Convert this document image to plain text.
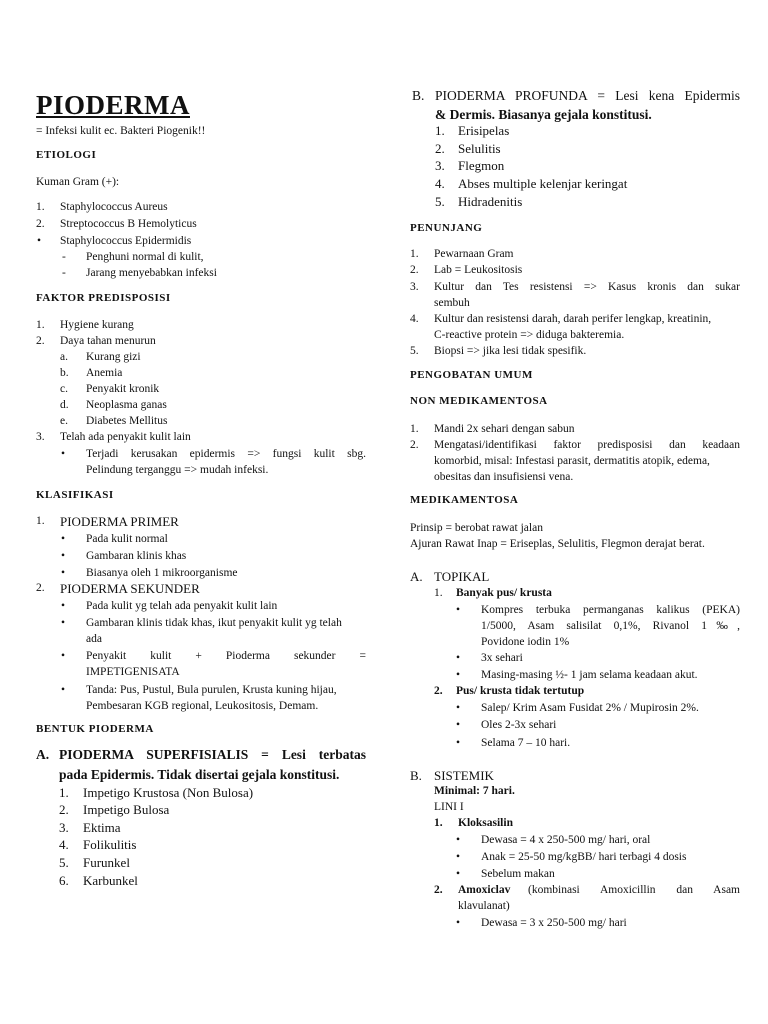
PIODERMA
= Infeksi kulit ec. Bakteri Piogenik!!
ETIOLOGI
Kuman Gram (+):
1. Staphylococcus Aureus
2. Streptococcus B Hemolyticus
• Staphylococcus Epidermidis
- Penghuni normal di kulit,
- Jarang menyebabkan infeksi
FAKTOR PREDISPOSISI
1. Hygiene kurang
2. Daya tahan menurun
a. Kurang gizi
b. Anemia
c. Penyakit kronik
d. Neoplasma ganas
e. Diabetes Mellitus
3. Telah ada penyakit kulit lain
• Terjadi kerusakan epidermis => fungsi kulit sbg.
Pelindung terganggu => mudah infeksi.
KLASIFIKASI
1. PIODERMA PRIMER
• Pada kulit normal
• Gambaran klinis khas
• Biasanya oleh 1 mikroorganisme
2. PIODERMA SEKUNDER
• Pada kulit yg telah ada penyakit kulit lain
• Gambaran klinis tidak khas, ikut penyakit kulit yg telah
ada
• Penyakit kulit + Pioderma sekunder =
IMPETIGENISATA
• Tanda: Pus, Pustul, Bula purulen, Krusta kuning hijau,
Pembesaran KGB regional, Leukositosis, Demam.
BENTUK PIODERMA
A. PIODERMA SUPERFISIALIS = Lesi terbatas
pada Epidermis. Tidak disertai gejala konstitusi.
1. Impetigo Krustosa (Non Bulosa)
2. Impetigo Bulosa
3. Ektima
4. Folikulitis
5. Furunkel
6. Karbunkel
B. PIODERMA PROFUNDA = Lesi kena Epidermis
& Dermis. Biasanya gejala konstitusi.
1. Erisipelas
2. Selulitis
3. Flegmon
4. Abses multiple kelenjar keringat
5. Hidradenitis
PENUNJANG
1. Pewarnaan Gram
2. Lab = Leukositosis
3. Kultur dan Tes resistensi => Kasus kronis dan sukar
sembuh
4. Kultur dan resistensi darah, darah perifer lengkap, kreatinin,
C-reactive protein => diduga bakteremia.
5. Biopsi => jika lesi tidak spesifik.
PENGOBATAN UMUM
NON MEDIKAMENTOSA
1. Mandi 2x sehari dengan sabun
2. Mengatasi/identifikasi faktor predisposisi dan keadaan
komorbid, misal: Infestasi parasit, dermatitis atopik, edema,
obesitas dan insufisiensi vena.
MEDIKAMENTOSA
Prinsip = berobat rawat jalan
Ajuran Rawat Inap = Eriseplas, Selulitis, Flegmon derajat berat.
A. TOPIKAL
1. Banyak pus/ krusta
• Kompres terbuka permanganas kalikus (PEKA)
1/5000, Asam salisilat 0,1%, Rivanol 1‰,
Povidone iodin 1%
• 3x sehari
• Masing-masing ½- 1 jam selama keadaan akut.
2. Pus/ krusta tidak tertutup
• Salep/ Krim Asam Fusidat 2% / Mupirosin 2%.
• Oles 2-3x sehari
• Selama 7 – 10 hari.
B. SISTEMIK
Minimal: 7 hari.
LINI I
1. Kloksasilin
• Dewasa = 4 x 250-500 mg/ hari, oral
• Anak = 25-50 mg/kgBB/ hari terbagi 4 dosis
• Sebelum makan
2. Amoxiclav (kombinasi Amoxicillin dan Asam
klavulanat)
• Dewasa = 3 x 250-500 mg/ hari
